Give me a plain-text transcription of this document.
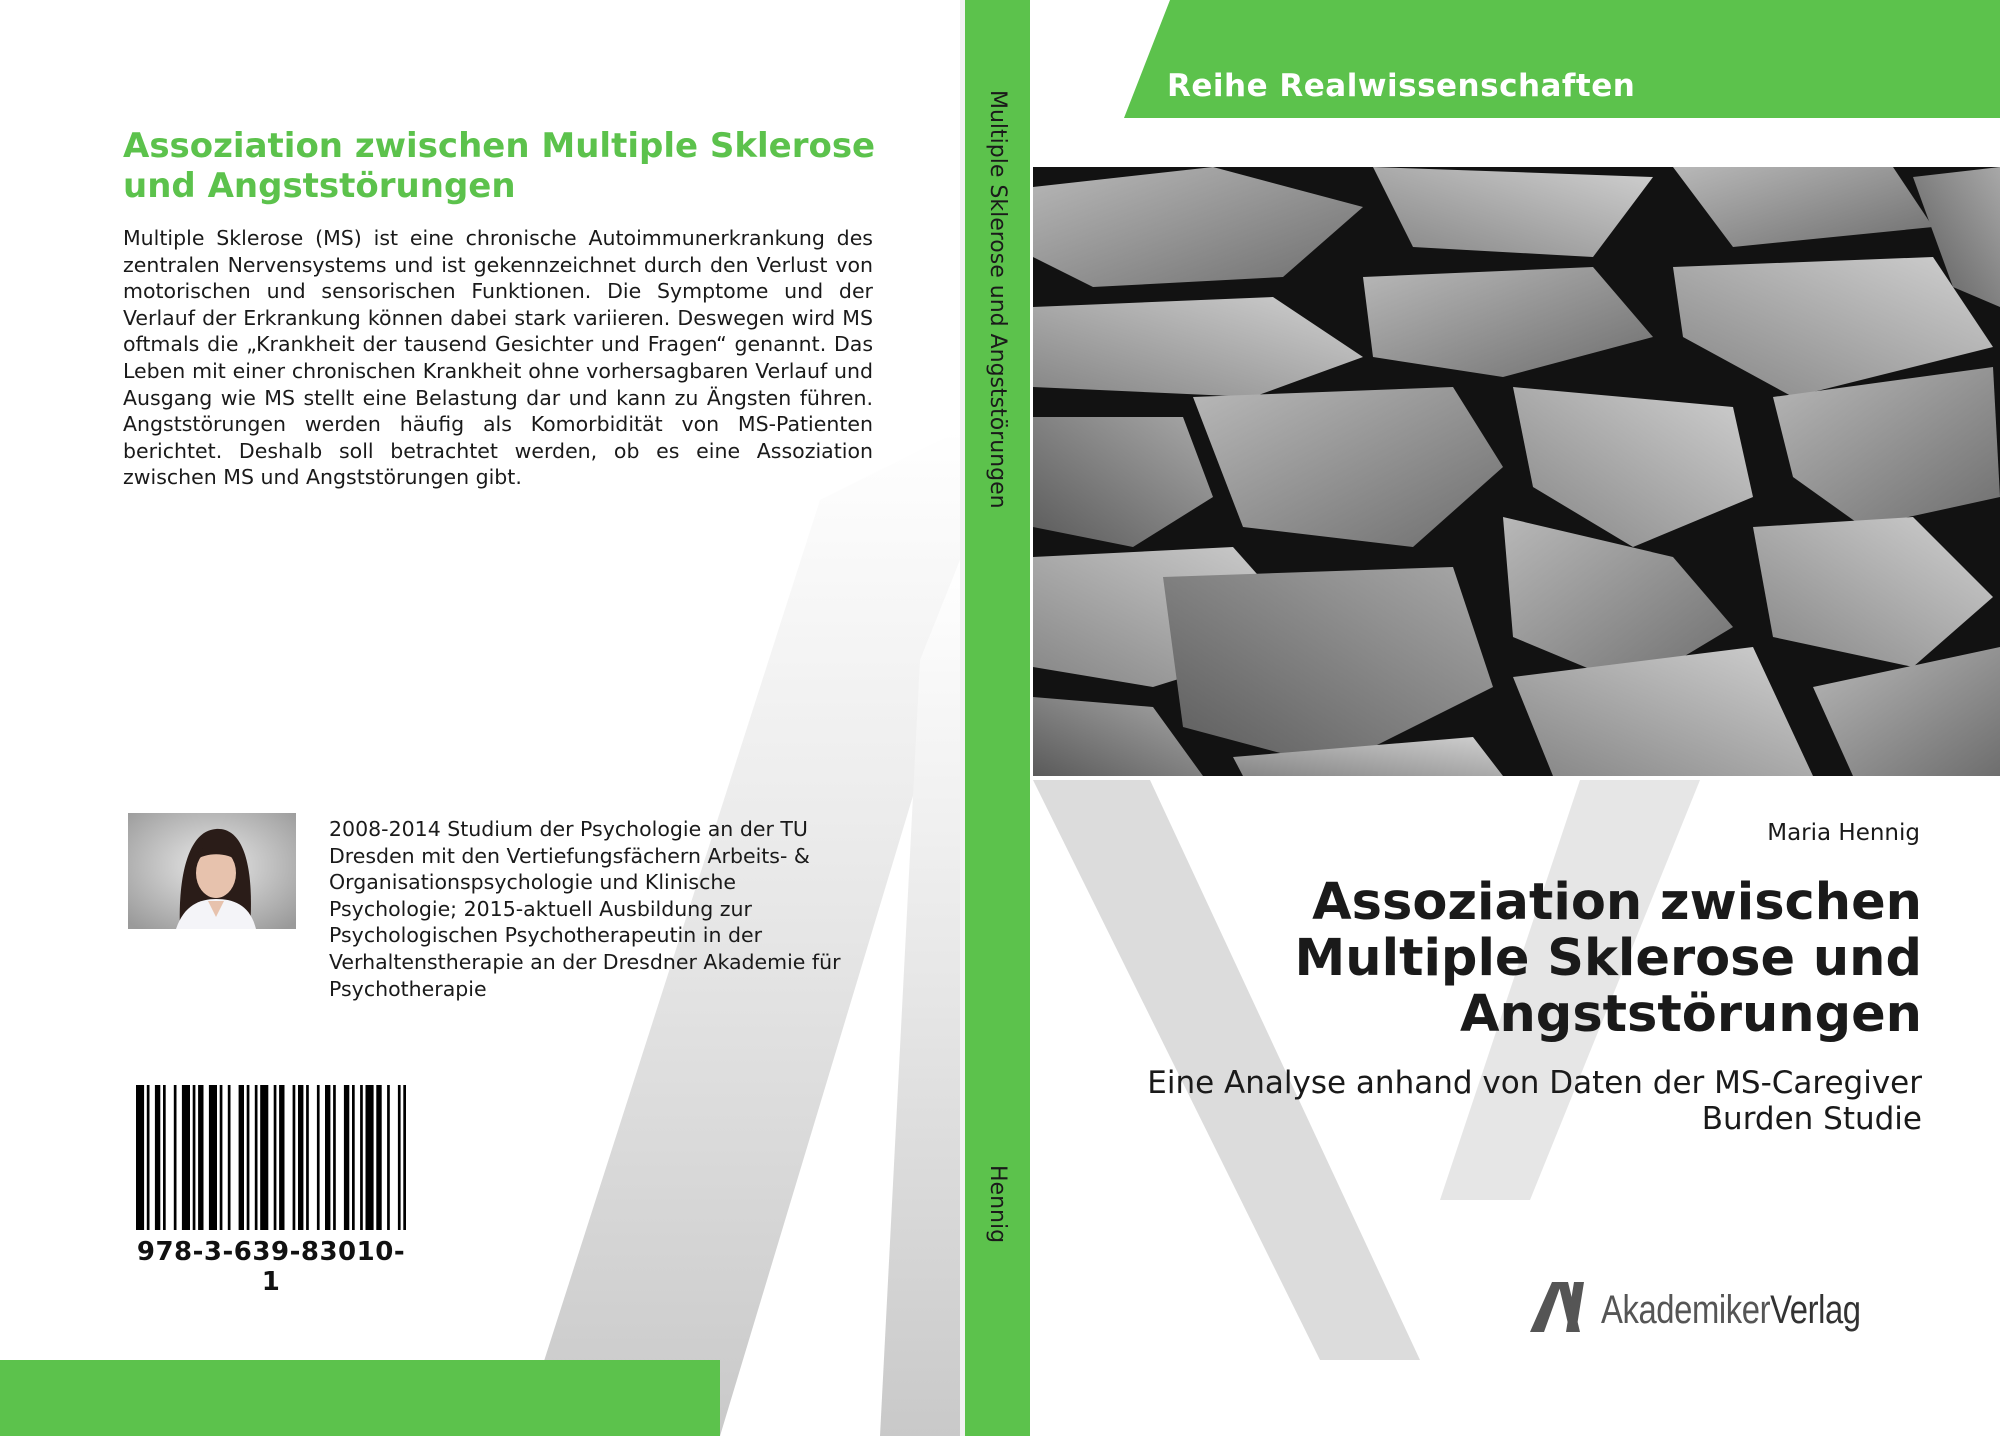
Assoziation zwischen Multiple Sklerose und Angststörungen

Multiple Sklerose (MS) ist eine chronische Autoimmunerkrankung des zentralen Nervensystems und ist gekennzeichnet durch den Verlust von motorischen und sensorischen Funktionen. Die Symptome und der Verlauf der Erkrankung können dabei stark variieren. Deswegen wird MS oftmals die „Krankheit der tausend Gesichter und Fragen“ genannt. Das Leben mit einer chronischen Krankheit ohne vorhersagbaren Verlauf und Ausgang wie MS stellt eine Belastung dar und kann zu Ängsten führen. Angststörungen werden häufig als Komorbidität von MS-Patienten berichtet. Deshalb soll betrachtet werden, ob es eine Assoziation zwischen MS und Angststörungen gibt.

2008-2014 Studium der Psychologie an der TU Dresden mit den Vertiefungsfächern Arbeits- & Organisationspsychologie und Klinische Psychologie; 2015-aktuell Ausbildung zur Psychologischen Psychotherapeutin in der Verhaltenstherapie an der Dresdner Akademie für Psychotherapie

978-3-639-83010-1
Multiple Sklerose und Angststörungen
Hennig
Reihe Realwissenschaften
Maria Hennig
Assoziation zwischen Multiple Sklerose und Angststörungen

Eine Analyse anhand von Daten der MS-Caregiver Burden Studie

AkademikerVerlag
